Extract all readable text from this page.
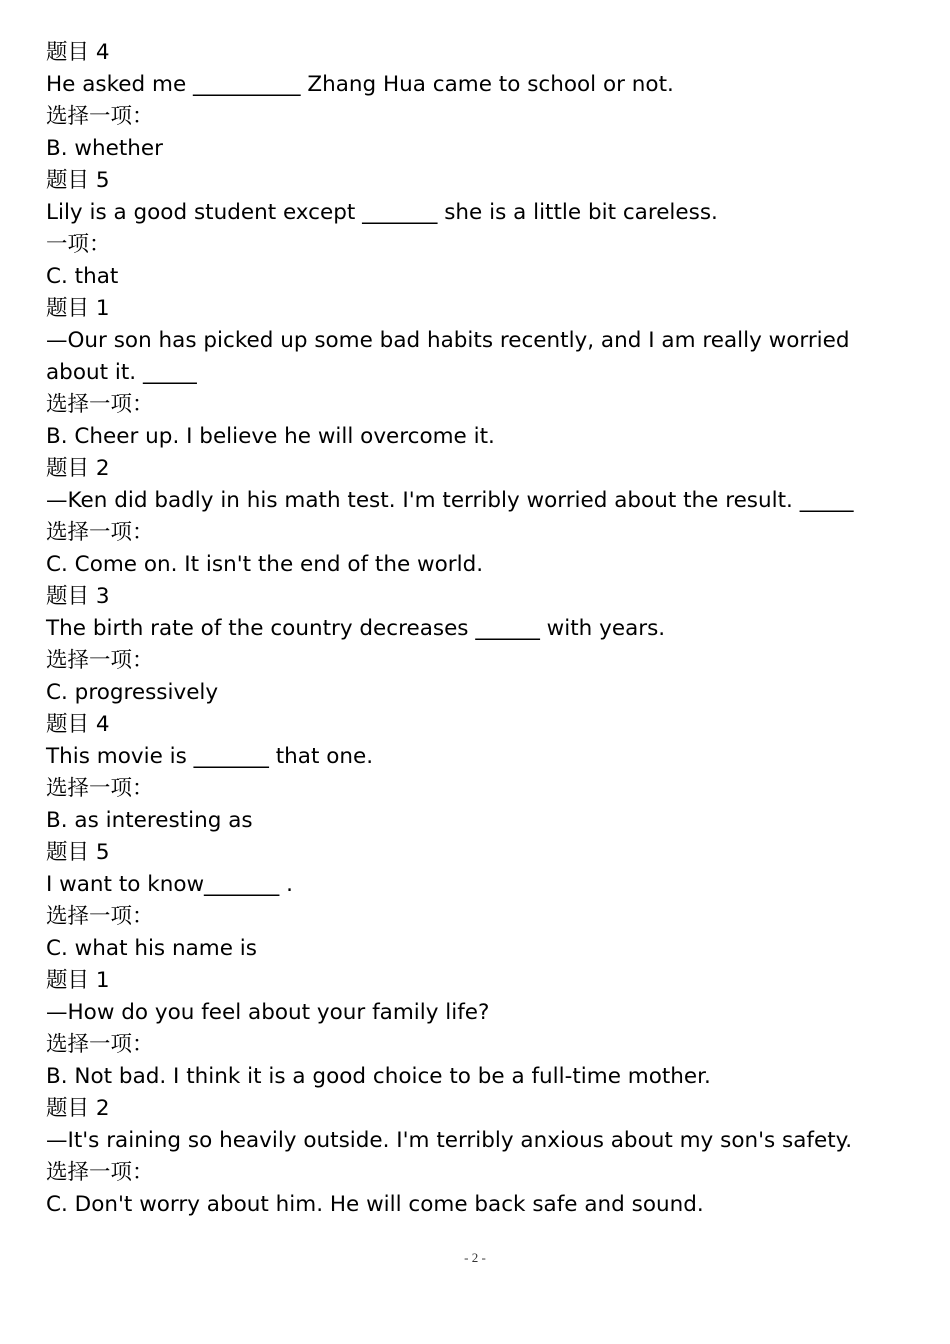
题目 4

He asked me __________ Zhang Hua came to school or not.

选择一项：

B. whether

题目 5

Lily is a good student except _______ she is a little bit careless.

一项：

C. that

题目 1

—Our son has picked up some bad habits recently, and I am really worried about it. _____

选择一项：

B. Cheer up. I believe he will overcome it.

题目 2

—Ken did badly in his math test. I'm terribly worried about the result. _____

选择一项：

C. Come on. It isn't the end of the world.

题目 3

The birth rate of the country decreases ______ with years.

选择一项：

C. progressively

题目 4

This movie is _______ that one.

选择一项：

B. as interesting as

题目 5

I want to know_______ .

选择一项：

C. what his name is

题目 1

—How do you feel about your family life?

选择一项：

B. Not bad. I think it is a good choice to be a full-time mother.

题目 2

—It's raining so heavily outside. I'm terribly anxious about my son's safety.

选择一项：

C. Don't worry about him. He will come back safe and sound.

- 2 -
